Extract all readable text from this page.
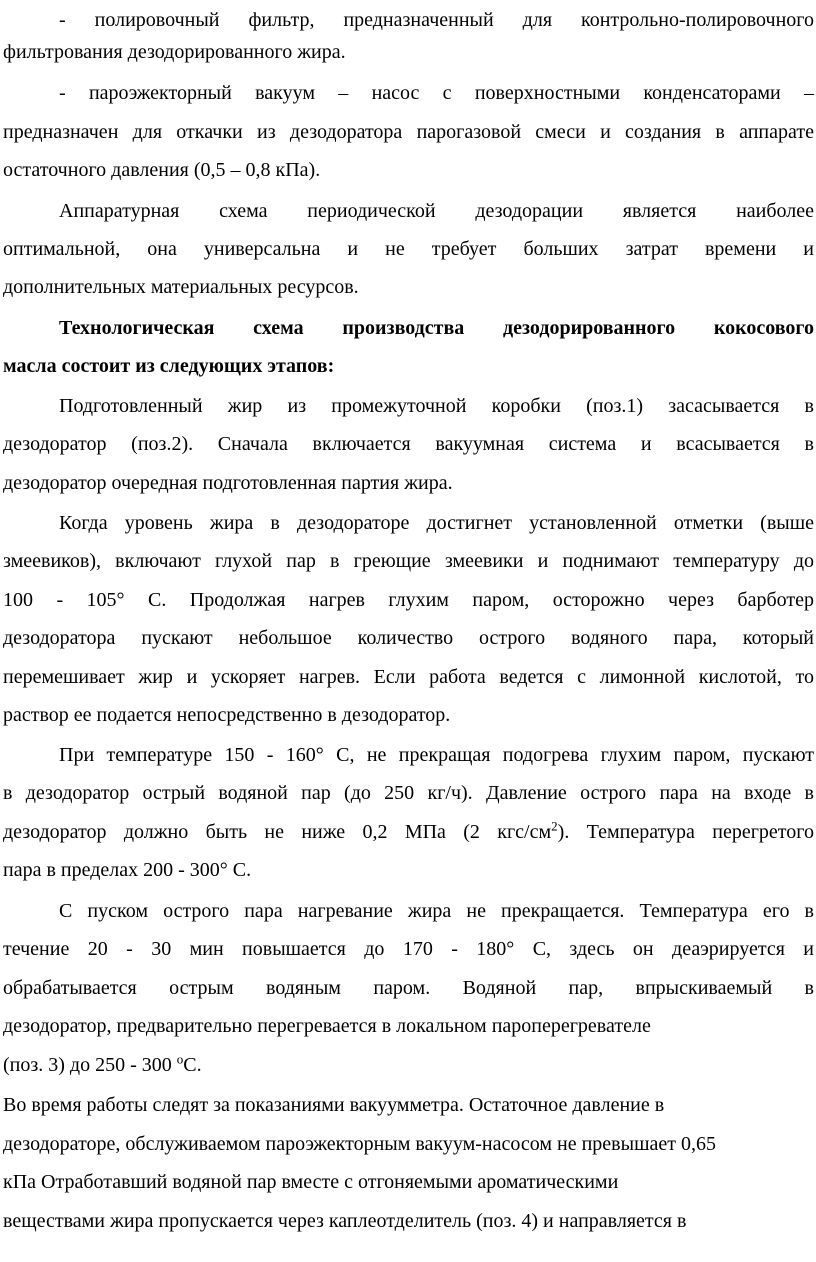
- полировочный фильтр, предназначенный для контрольно-полировочного
фильтрования дезодорированного жира.
- пароэжекторный вакуум – насос с поверхностными конденсаторами –
предназначен для откачки из дезодоратора парогазовой смеси и создания в аппарате
остаточного давления (0,5 – 0,8 кПа).
Аппаратурная схема периодической дезодорации является наиболее
оптимальной, она универсальна и не требует больших затрат времени и
дополнительных материальных ресурсов.
Технологическая схема производства дезодорированного кокосового
масла состоит из следующих этапов:
Подготовленный жир из промежуточной коробки (поз.1) засасывается в
дезодоратор (поз.2). Сначала включается вакуумная система и всасывается в
дезодоратор очередная подготовленная партия жира.
Когда уровень жира в дезодораторе достигнет установленной отметки (выше
змеевиков), включают глухой пар в греющие змеевики и поднимают температуру до
100 - 105° С. Продолжая нагрев глухим паром, осторожно через барботер
дезодоратора пускают небольшое количество острого водяного пара, который
перемешивает жир и ускоряет нагрев. Если работа ведется с лимонной кислотой, то
раствор ее подается непосредственно в дезодоратор.
При температуре 150 - 160° С, не прекращая подогрева глухим паром, пускают
в дезодоратор острый водяной пар (до 250 кг/ч). Давление острого пара на входе в
дезодоратор должно быть не ниже 0,2 МПа (2 кгс/$см^2$). Температура перегретого
пара в пределах 200 - 300° С.
С пуском острого пара нагревание жира не прекращается. Температура его в
течение 20 - 30 мин повышается до 170 - 180° С, здесь он деаэрируется и
обрабатывается острым водяным паром. Водяной пар, впрыскиваемый в
дезодоратор, предварительно перегревается в локальном пароперегревателе
(поз. 3) до 250 - 300 $^о$С.
Во время работы следят за показаниями вакуумметра. Остаточное давление в
дезодораторе, обслуживаемом пароэжекторным вакуум-насосом не превышает 0,65
кПа Отработавший водяной пар вместе с отгоняемыми ароматическими
веществами жира пропускается через каплеотделитель (поз. 4) и направляется в
